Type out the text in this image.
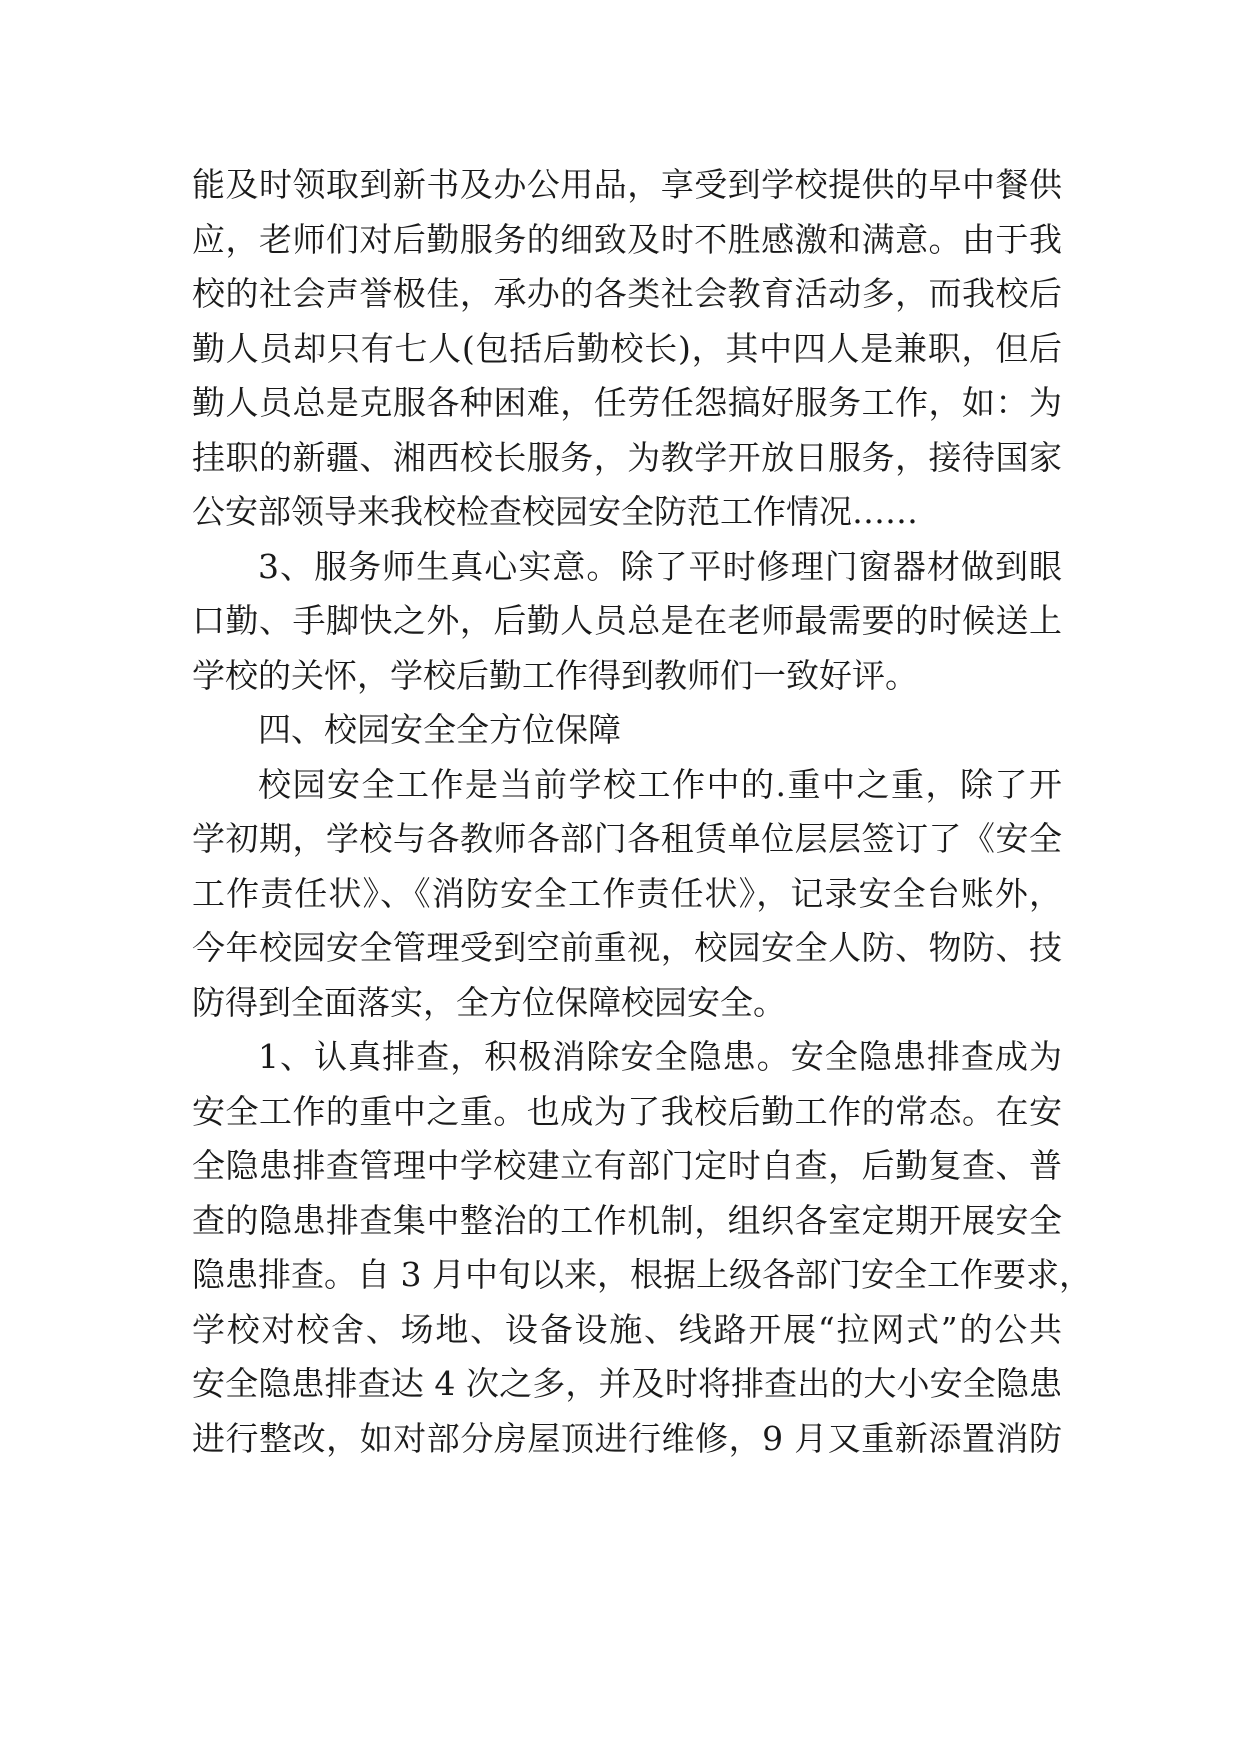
能及时领取到新书及办公用品，享受到学校提供的早中餐供
应，老师们对后勤服务的细致及时不胜感激和满意。由于我
校的社会声誉极佳，承办的各类社会教育活动多，而我校后
勤人员却只有七人(包括后勤校长)，其中四人是兼职，但后
勤人员总是克服各种困难，任劳任怨搞好服务工作，如：为
挂职的新疆、湘西校长服务，为教学开放日服务，接待国家
公安部领导来我校检查校园安全防范工作情况……
3、服务师生真心实意。除了平时修理门窗器材做到眼
口勤、手脚快之外，后勤人员总是在老师最需要的时候送上
学校的关怀，学校后勤工作得到教师们一致好评。
四、校园安全全方位保障
校园安全工作是当前学校工作中的.重中之重，除了开
学初期，学校与各教师各部门各租赁单位层层签订了《安全
工作责任状》、《消防安全工作责任状》，记录安全台账外，
今年校园安全管理受到空前重视，校园安全人防、物防、技
防得到全面落实，全方位保障校园安全。
1、认真排查，积极消除安全隐患。安全隐患排查成为
安全工作的重中之重。也成为了我校后勤工作的常态。在安
全隐患排查管理中学校建立有部门定时自查，后勤复查、普
查的隐患排查集中整治的工作机制，组织各室定期开展安全
隐患排查。自 3 月中旬以来，根据上级各部门安全工作要求，
学校对校舍、场地、设备设施、线路开展“拉网式”的公共
安全隐患排查达 4 次之多，并及时将排查出的大小安全隐患
进行整改，如对部分房屋顶进行维修，9 月又重新添置消防
